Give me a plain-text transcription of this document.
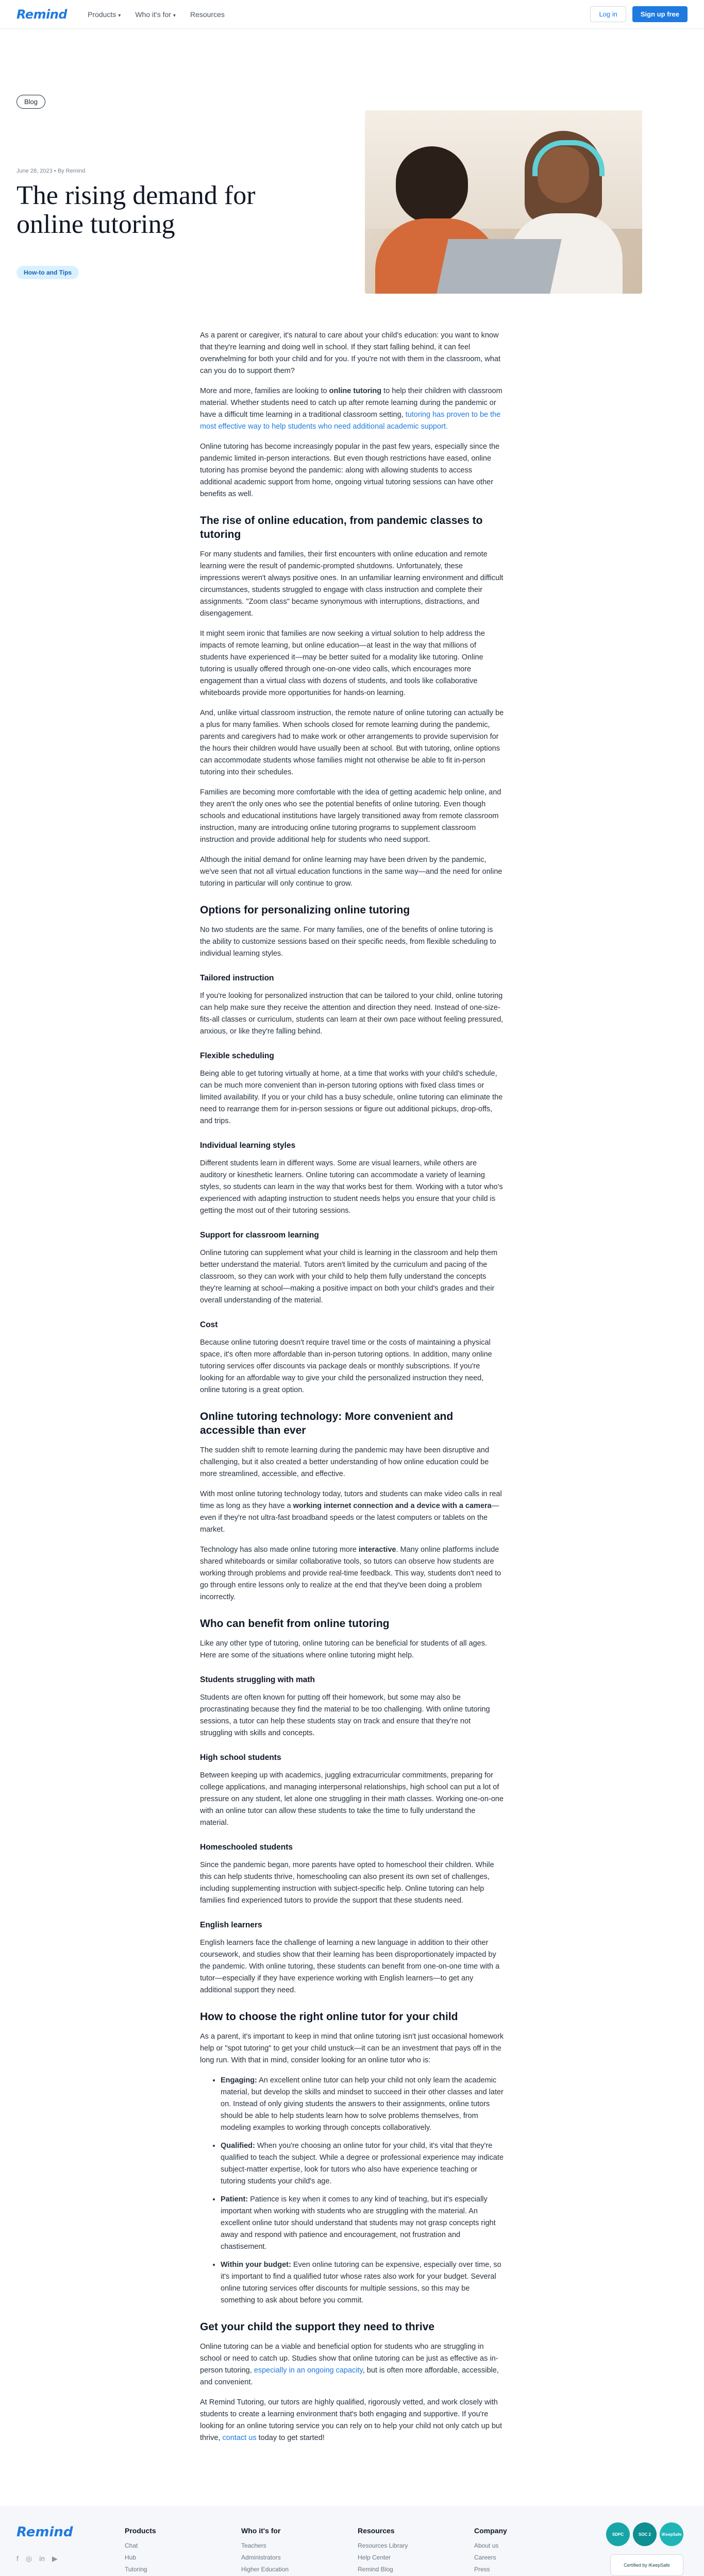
Remind	Products ▾ Who it's for ▾ Resources	Log in	Sign up free
Blog
June 28, 2023 • By Remind
The rising demand for online tutoring
How-to and Tips

As a parent or caregiver, it's natural to care about your child's education: you want to know that they're learning and doing well in school. If they start falling behind, it can feel overwhelming for both your child and for you. If you're not with them in the classroom, what can you do to support them?

More and more, families are looking to online tutoring to help their children with classroom material. Whether students need to catch up after remote learning during the pandemic or have a difficult time learning in a traditional classroom setting, tutoring has proven to be the most effective way to help students who need additional academic support.

Online tutoring has become increasingly popular in the past few years, especially since the pandemic limited in-person interactions. But even though restrictions have eased, online tutoring has promise beyond the pandemic: along with allowing students to access additional academic support from home, ongoing virtual tutoring sessions can have other benefits as well.

The rise of online education, from pandemic classes to tutoring

For many students and families, their first encounters with online education and remote learning were the result of pandemic-prompted shutdowns. Unfortunately, these impressions weren't always positive ones. In an unfamiliar learning environment and difficult circumstances, students struggled to engage with class instruction and complete their assignments. "Zoom class" became synonymous with interruptions, distractions, and disengagement.

It might seem ironic that families are now seeking a virtual solution to help address the impacts of remote learning, but online education—at least in the way that millions of students have experienced it—may be better suited for a modality like tutoring. Online tutoring is usually offered through one-on-one video calls, which encourages more engagement than a virtual class with dozens of students, and tools like collaborative whiteboards provide more opportunities for hands-on learning.

And, unlike virtual classroom instruction, the remote nature of online tutoring can actually be a plus for many families. When schools closed for remote learning during the pandemic, parents and caregivers had to make work or other arrangements to provide supervision for the hours their children would have usually been at school. But with tutoring, online options can accommodate students whose families might not otherwise be able to fit in-person tutoring into their schedules.

Families are becoming more comfortable with the idea of getting academic help online, and they aren't the only ones who see the potential benefits of online tutoring. Even though schools and educational institutions have largely transitioned away from remote classroom instruction, many are introducing online tutoring programs to supplement classroom instruction and provide additional help for students who need support.

Although the initial demand for online learning may have been driven by the pandemic, we've seen that not all virtual education functions in the same way—and the need for online tutoring in particular will only continue to grow.

Options for personalizing online tutoring

No two students are the same. For many families, one of the benefits of online tutoring is the ability to customize sessions based on their specific needs, from flexible scheduling to individual learning styles.

Tailored instruction

If you're looking for personalized instruction that can be tailored to your child, online tutoring can help make sure they receive the attention and direction they need. Instead of one-size-fits-all classes or curriculum, students can learn at their own pace without feeling pressured, anxious, or like they're falling behind.

Flexible scheduling

Being able to get tutoring virtually at home, at a time that works with your child's schedule, can be much more convenient than in-person tutoring options with fixed class times or limited availability. If you or your child has a busy schedule, online tutoring can eliminate the need to rearrange them for in-person sessions or figure out additional pickups, drop-offs, and trips.

Individual learning styles

Different students learn in different ways. Some are visual learners, while others are auditory or kinesthetic learners. Online tutoring can accommodate a variety of learning styles, so students can learn in the way that works best for them. Working with a tutor who's experienced with adapting instruction to student needs helps you ensure that your child is getting the most out of their tutoring sessions.

Support for classroom learning

Online tutoring can supplement what your child is learning in the classroom and help them better understand the material. Tutors aren't limited by the curriculum and pacing of the classroom, so they can work with your child to help them fully understand the concepts they're learning at school—making a positive impact on both your child's grades and their overall understanding of the material.

Cost

Because online tutoring doesn't require travel time or the costs of maintaining a physical space, it's often more affordable than in-person tutoring options. In addition, many online tutoring services offer discounts via package deals or monthly subscriptions. If you're looking for an affordable way to give your child the personalized instruction they need, online tutoring is a great option.

Online tutoring technology: More convenient and accessible than ever

The sudden shift to remote learning during the pandemic may have been disruptive and challenging, but it also created a better understanding of how online education could be more streamlined, accessible, and effective.

With most online tutoring technology today, tutors and students can make video calls in real time as long as they have a working internet connection and a device with a camera—even if they're not ultra-fast broadband speeds or the latest computers or tablets on the market.

Technology has also made online tutoring more interactive. Many online platforms include shared whiteboards or similar collaborative tools, so tutors can observe how students are working through problems and provide real-time feedback. This way, students don't need to go through entire lessons only to realize at the end that they've been doing a problem incorrectly.

Who can benefit from online tutoring

Like any other type of tutoring, online tutoring can be beneficial for students of all ages. Here are some of the situations where online tutoring might help.

Students struggling with math

Students are often known for putting off their homework, but some may also be procrastinating because they find the material to be too challenging. With online tutoring sessions, a tutor can help these students stay on track and ensure that they're not struggling with skills and concepts.

High school students

Between keeping up with academics, juggling extracurricular commitments, preparing for college applications, and managing interpersonal relationships, high school can put a lot of pressure on any student, let alone one struggling in their math classes. Working one-on-one with an online tutor can allow these students to take the time to fully understand the material.

Homeschooled students

Since the pandemic began, more parents have opted to homeschool their children. While this can help students thrive, homeschooling can also present its own set of challenges, including supplementing instruction with subject-specific help. Online tutoring can help families find experienced tutors to provide the support that these students need.

English learners

English learners face the challenge of learning a new language in addition to their other coursework, and studies show that their learning has been disproportionately impacted by the pandemic. With online tutoring, these students can benefit from one-on-one time with a tutor—especially if they have experience working with English learners—to get any additional support they need.

How to choose the right online tutor for your child

As a parent, it's important to keep in mind that online tutoring isn't just occasional homework help or "spot tutoring" to get your child unstuck—it can be an investment that pays off in the long run. With that in mind, consider looking for an online tutor who is:

• Engaging: An excellent online tutor can help your child not only learn the academic material, but develop the skills and mindset to succeed in their other classes and later on. Instead of only giving students the answers to their assignments, online tutors should be able to help students learn how to solve problems themselves, from modeling examples to working through concepts collaboratively.
• Qualified: When you're choosing an online tutor for your child, it's vital that they're qualified to teach the subject. While a degree or professional experience may indicate subject-matter expertise, look for tutors who also have experience teaching or tutoring students your child's age.
• Patient: Patience is key when it comes to any kind of teaching, but it's especially important when working with students who are struggling with the material. An excellent online tutor should understand that students may not grasp concepts right away and respond with patience and encouragement, not frustration and chastisement.
• Within your budget: Even online tutoring can be expensive, especially over time, so it's important to find a qualified tutor whose rates also work for your budget. Several online tutoring services offer discounts for multiple sessions, so this may be something to ask about before you commit.
Get your child the support they need to thrive

Online tutoring can be a viable and beneficial option for students who are struggling in school or need to catch up. Studies show that online tutoring can be just as effective as in-person tutoring, especially in an ongoing capacity, but is often more affordable, accessible, and convenient.

At Remind Tutoring, our tutors are highly qualified, rigorously vetted, and work closely with students to create a learning environment that's both engaging and supportive. If you're looking for an online tutoring service you can rely on to help your child not only catch up but thrive, contact us today to get started!

Remind
f ◎ in ▶
Products
Chat
Hub
Tutoring
Who it's for
Teachers
Administrators
Higher Education
Resources
Resources Library
Help Center
Remind Blog
Company
About us
Careers
Press
SDPC	SOC 2	iKeepSafe
Certified by iKeepSafe
